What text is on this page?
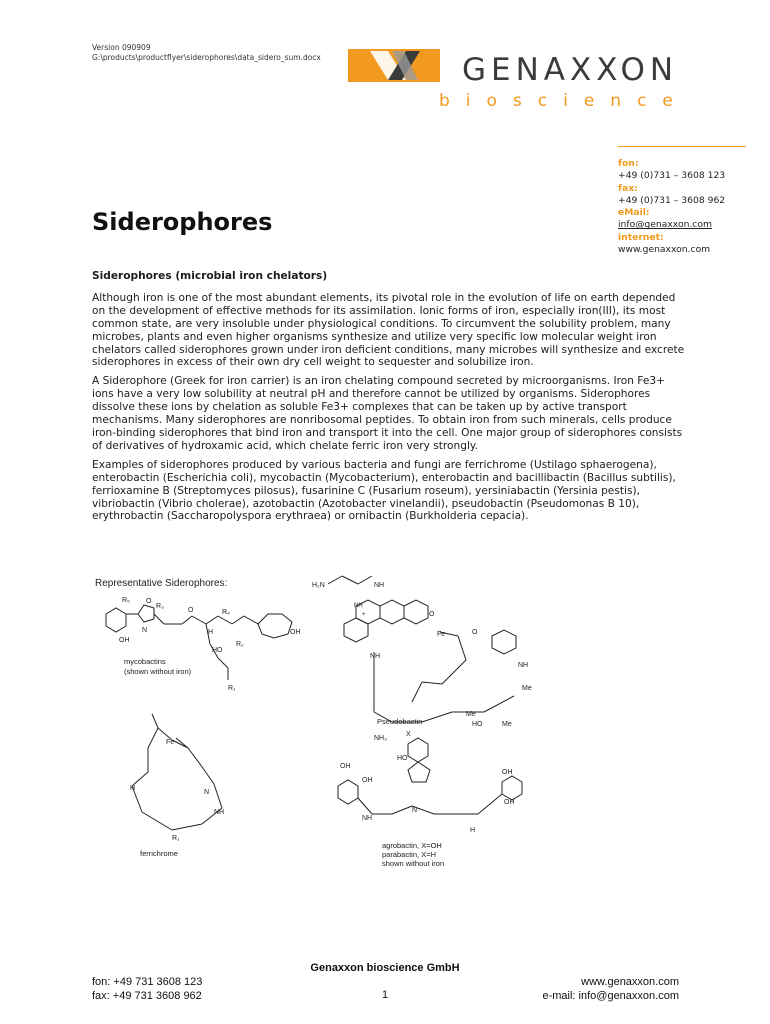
Version 090909
G:\products\productflyer\siderophores\data_sidero_sum.docx	GENAXXON
bioscience
fon:
+49 (0)731 – 3608 123
fax:
+49 (0)731 – 3608 962
eMail:
info@genaxxon.com
internet:
www.genaxxon.com
Siderophores
Siderophores (microbial iron chelators)

Although iron is one of the most abundant elements, its pivotal role in the evolution of life on earth depended on the development of effective methods for its assimilation. Ionic forms of iron, especially iron(III), its most common state, are very insoluble under physiological conditions. To circumvent the solubility problem, many microbes, plants and even higher organisms synthesize and utilize very specific low molecular weight iron chelators called siderophores grown under iron deficient conditions, many microbes will synthesize and excrete siderophores in excess of their own dry cell weight to sequester and solubilize iron.

A Siderophore (Greek for iron carrier) is an iron chelating compound secreted by microorganisms. Iron Fe3+ ions have a very low solubility at neutral pH and therefore cannot be utilized by organisms. Siderophores dissolve these ions by chelation as soluble Fe3+ complexes that can be taken up by active transport mechanisms. Many siderophores are nonribosomal peptides. To obtain iron from such minerals, cells produce iron-binding siderophores that bind iron and transport it into the cell. One major group of siderophores consists of derivatives of hydroxamic acid, which chelate ferric iron very strongly.

Examples of siderophores produced by various bacteria and fungi are ferrichrome (Ustilago sphaerogena), enterobactin (Escherichia coli), mycobactin (Mycobacterium), enterobactin and bacillibactin (Bacillus subtilis), ferrioxamine B (Streptomyces pilosus), fusarinine C (Fusarium roseum), yersiniabactin (Yersinia pestis), vibriobactin (Vibrio cholerae), azotobactin (Azotobacter vinelandii), pseudobactin (Pseudomonas B 10), erythrobactin (Saccharopolyspora erythraea) or ornibactin (Burkholderia cepacia).

Representative Siderophores:
R₅ O
R₃
OH
N
O	R₄
H
R₂
OH
HO
R₁
mycobactins
(shown without iron)
H₂N	NH
NH
+	O
Fe	O
NH
Me
NH
Me
HO	Me
NH₃
Pseudobactin
Fe
H
N
NH
R₁
ferrichrome
X
HO
OH
OH
NH
N
OH
OH
H
agrobactin, X=OH
parabactin, X=H
shown without iron
Genaxxon bioscience GmbH
fon: +49 731 3608 123
fax: +49 731 3608 962	1
www.genaxxon.com
e-mail: info@genaxxon.com
